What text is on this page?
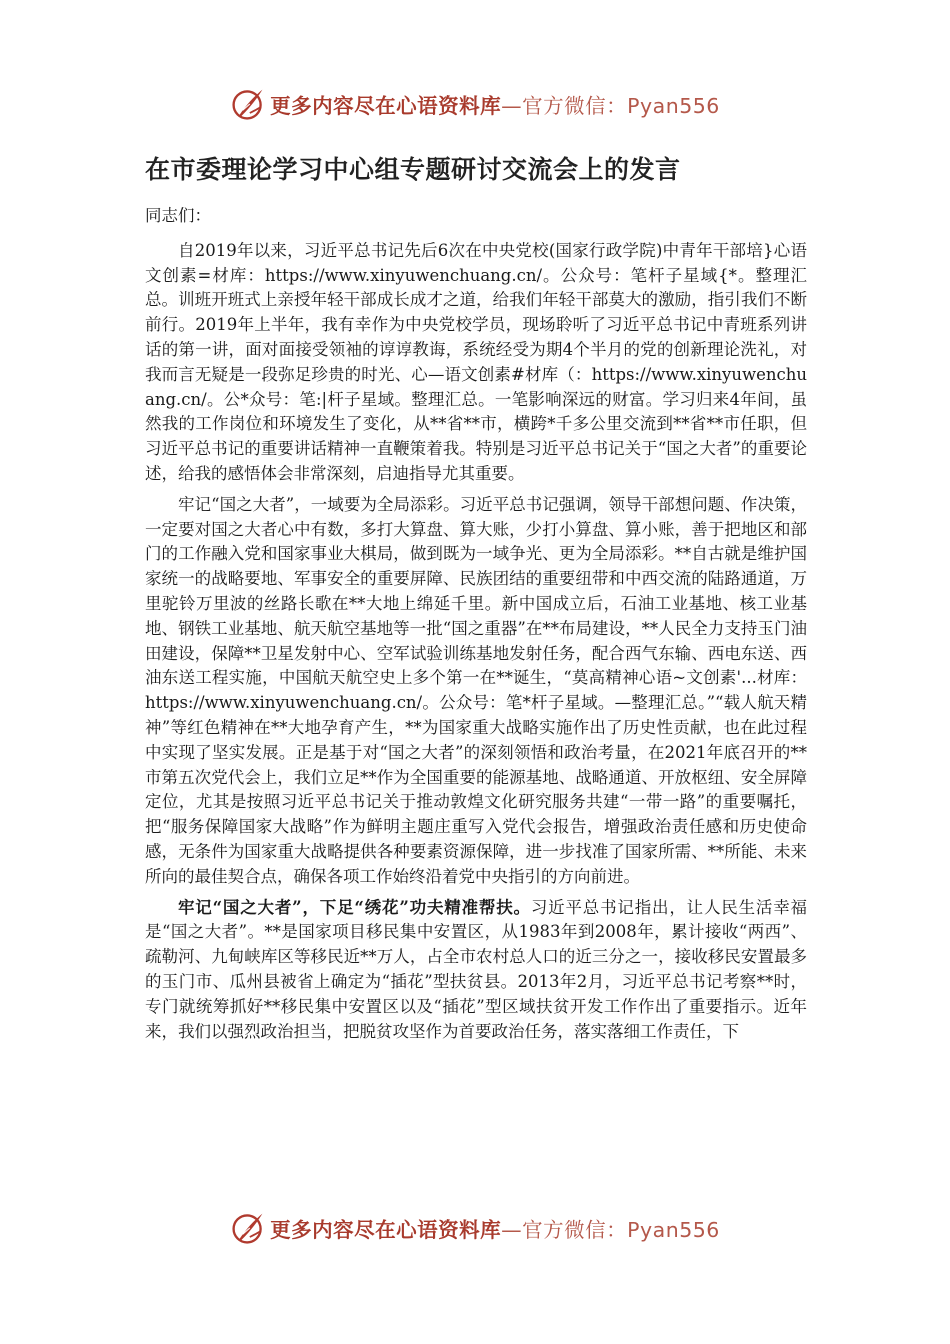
更多内容尽在心语资料库—官方微信：Pyan556
在市委理论学习中心组专题研讨交流会上的发言

同志们：

自2019年以来，习近平总书记先后6次在中央党校(国家行政学院)中青年干部培}心语文创素=材库：https://www.xinyuwenchuang.cn/。公众号：笔杆子星域{*。整理汇总。训班开班式上亲授年轻干部成长成才之道，给我们年轻干部莫大的激励，指引我们不断前行。2019年上半年，我有幸作为中央党校学员，现场聆听了习近平总书记中青班系列讲话的第一讲，面对面接受领袖的谆谆教诲，系统经受为期4个半月的党的创新理论洗礼，对我而言无疑是一段弥足珍贵的时光、心—语文创素#材库（：https://www.xinyuwenchuang.cn/。公*众号：笔:|杆子星域。整理汇总。一笔影响深远的财富。学习归来4年间，虽然我的工作岗位和环境发生了变化，从**省**市，横跨*千多公里交流到**省**市任职，但习近平总书记的重要讲话精神一直鞭策着我。特别是习近平总书记关于“国之大者”的重要论述，给我的感悟体会非常深刻，启迪指导尤其重要。

牢记“国之大者”，一域要为全局添彩。习近平总书记强调，领导干部想问题、作决策，一定要对国之大者心中有数，多打大算盘、算大账，少打小算盘、算小账，善于把地区和部门的工作融入党和国家事业大棋局，做到既为一域争光、更为全局添彩。**自古就是维护国家统一的战略要地、军事安全的重要屏障、民族团结的重要纽带和中西交流的陆路通道，万里驼铃万里波的丝路长歌在**大地上绵延千里。新中国成立后，石油工业基地、核工业基地、钢铁工业基地、航天航空基地等一批“国之重器”在**布局建设，**人民全力支持玉门油田建设，保障**卫星发射中心、空军试验训练基地发射任务，配合西气东输、西电东送、西油东送工程实施，中国航天航空史上多个第一在**诞生，“莫高精神心语~文创素'...材库：https://www.xinyuwenchuang.cn/。公众号：笔*杆子星域。—整理汇总。”“载人航天精神”等红色精神在**大地孕育产生，**为国家重大战略实施作出了历史性贡献，也在此过程中实现了坚实发展。正是基于对“国之大者”的深刻领悟和政治考量，在2021年底召开的**市第五次党代会上，我们立足**作为全国重要的能源基地、战略通道、开放枢纽、安全屏障定位，尤其是按照习近平总书记关于推动敦煌文化研究服务共建“一带一路”的重要嘱托，把“服务保障国家大战略”作为鲜明主题庄重写入党代会报告，增强政治责任感和历史使命感，无条件为国家重大战略提供各种要素资源保障，进一步找准了国家所需、**所能、未来所向的最佳契合点，确保各项工作始终沿着党中央指引的方向前进。

牢记“国之大者”，下足“绣花”功夫精准帮扶。习近平总书记指出，让人民生活幸福是“国之大者”。**是国家项目移民集中安置区，从1983年到2008年，累计接收“两西”、疏勒河、九甸峡库区等移民近**万人，占全市农村总人口的近三分之一，接收移民安置最多的玉门市、瓜州县被省上确定为“插花”型扶贫县。2013年2月，习近平总书记考察**时，专门就统筹抓好**移民集中安置区以及“插花”型区域扶贫开发工作作出了重要指示。近年来，我们以强烈政治担当，把脱贫攻坚作为首要政治任务，落实落细工作责任，下

更多内容尽在心语资料库—官方微信：Pyan556
